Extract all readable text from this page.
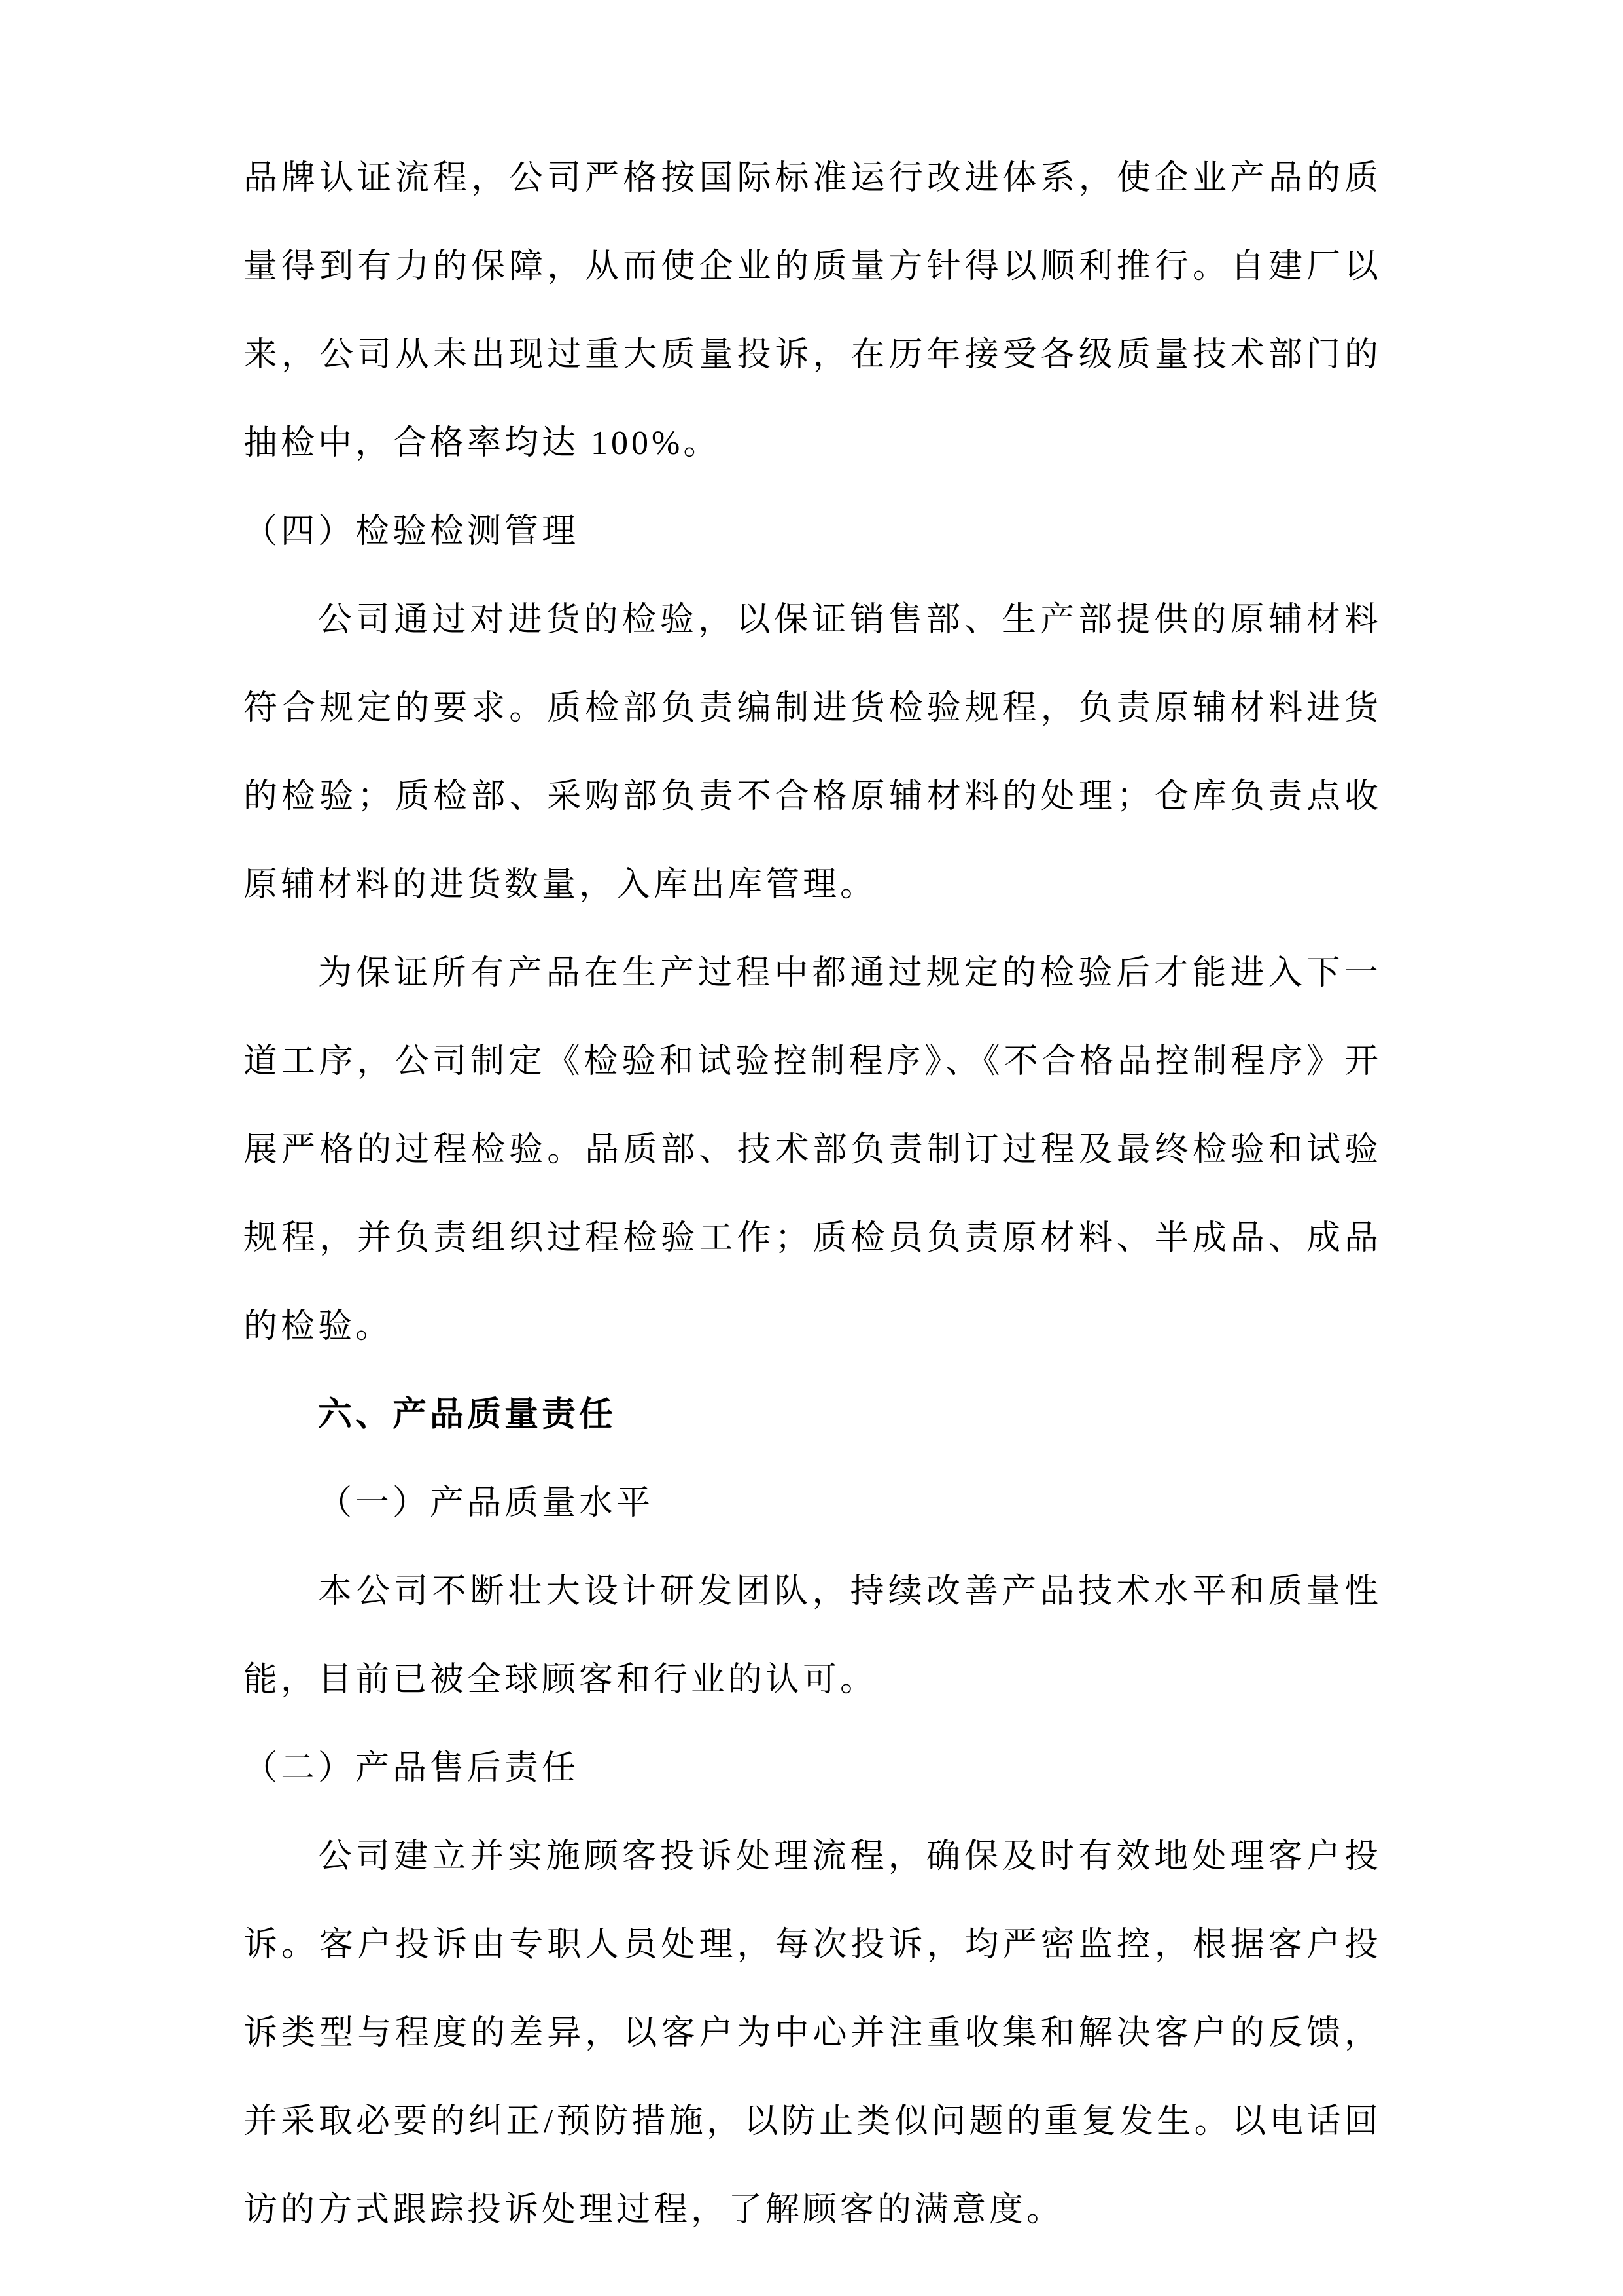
品牌认证流程，公司严格按国际标准运行改进体系，使企业产品的质量得到有力的保障，从而使企业的质量方针得以顺利推行。自建厂以来，公司从未出现过重大质量投诉，在历年接受各级质量技术部门的抽检中，合格率均达 100%。

（四）检验检测管理

公司通过对进货的检验，以保证销售部、生产部提供的原辅材料符合规定的要求。质检部负责编制进货检验规程，负责原辅材料进货的检验；质检部、采购部负责不合格原辅材料的处理；仓库负责点收原辅材料的进货数量，入库出库管理。

为保证所有产品在生产过程中都通过规定的检验后才能进入下一道工序，公司制定《检验和试验控制程序》、《不合格品控制程序》开展严格的过程检验。品质部、技术部负责制订过程及最终检验和试验规程，并负责组织过程检验工作；质检员负责原材料、半成品、成品的检验。

六、产品质量责任

（一）产品质量水平

本公司不断壮大设计研发团队，持续改善产品技术水平和质量性能，目前已被全球顾客和行业的认可。

（二）产品售后责任

公司建立并实施顾客投诉处理流程，确保及时有效地处理客户投诉。客户投诉由专职人员处理，每次投诉，均严密监控，根据客户投诉类型与程度的差异，以客户为中心并注重收集和解决客户的反馈，并采取必要的纠正/预防措施，以防止类似问题的重复发生。以电话回访的方式跟踪投诉处理过程，了解顾客的满意度。
